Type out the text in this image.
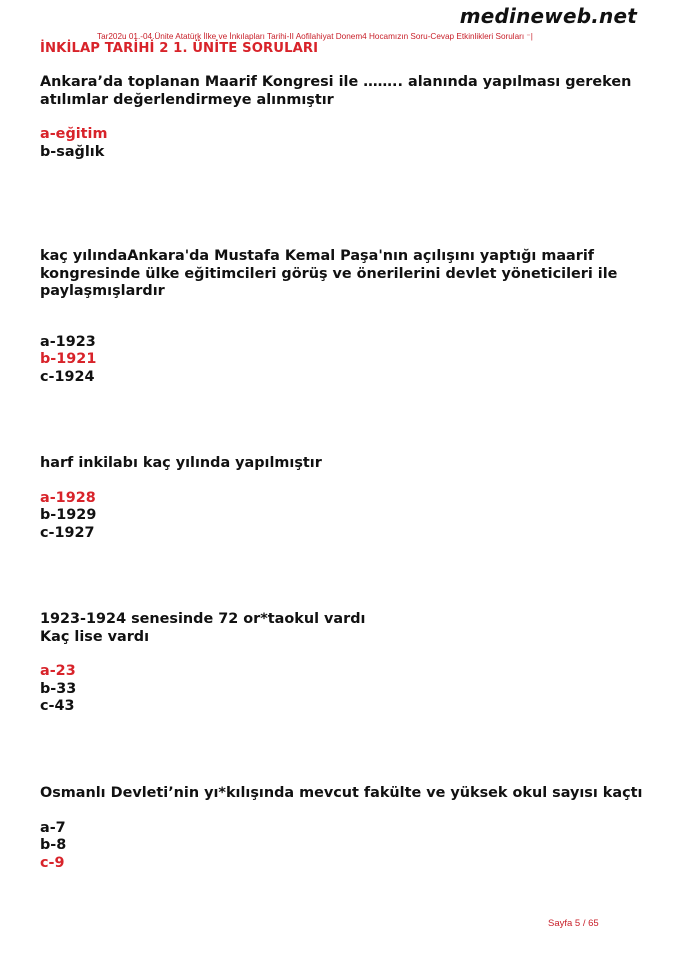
medineweb.net
Tar202u 01.-04.Ünite Atatürk İlke ve İnkılapları Tarihi-II Aofilahiyat Donem4 Hocamızın Soru-Cevap Etkinlikleri Soruları ⁻|
İNKİLAP TARİHİ 2 1. ÜNİTE SORULARI

Ankara’da toplanan Maarif Kongresi ile …….. alanında yapılması gereken atılımlar değerlendirmeye alınmıştır

a-eğitim
b-sağlık

kaç yılındaAnkara'da Mustafa Kemal Paşa'nın açılışını yaptığı maarif kongresinde ülke eğitimcileri görüş ve önerilerini devlet yöneticileri ile paylaşmışlardır

a-1923
b-1921
c-1924

harf inkilabı kaç yılında yapılmıştır

a-1928
b-1929
c-1927

1923-1924 senesinde 72 or*taokul vardı

Kaç lise vardı

a-23
b-33
c-43

Osmanlı Devleti’nin yı*kılışında mevcut fakülte ve yüksek okul sayısı kaçtı

a-7
b-8
c-9
Sayfa 5 / 65
